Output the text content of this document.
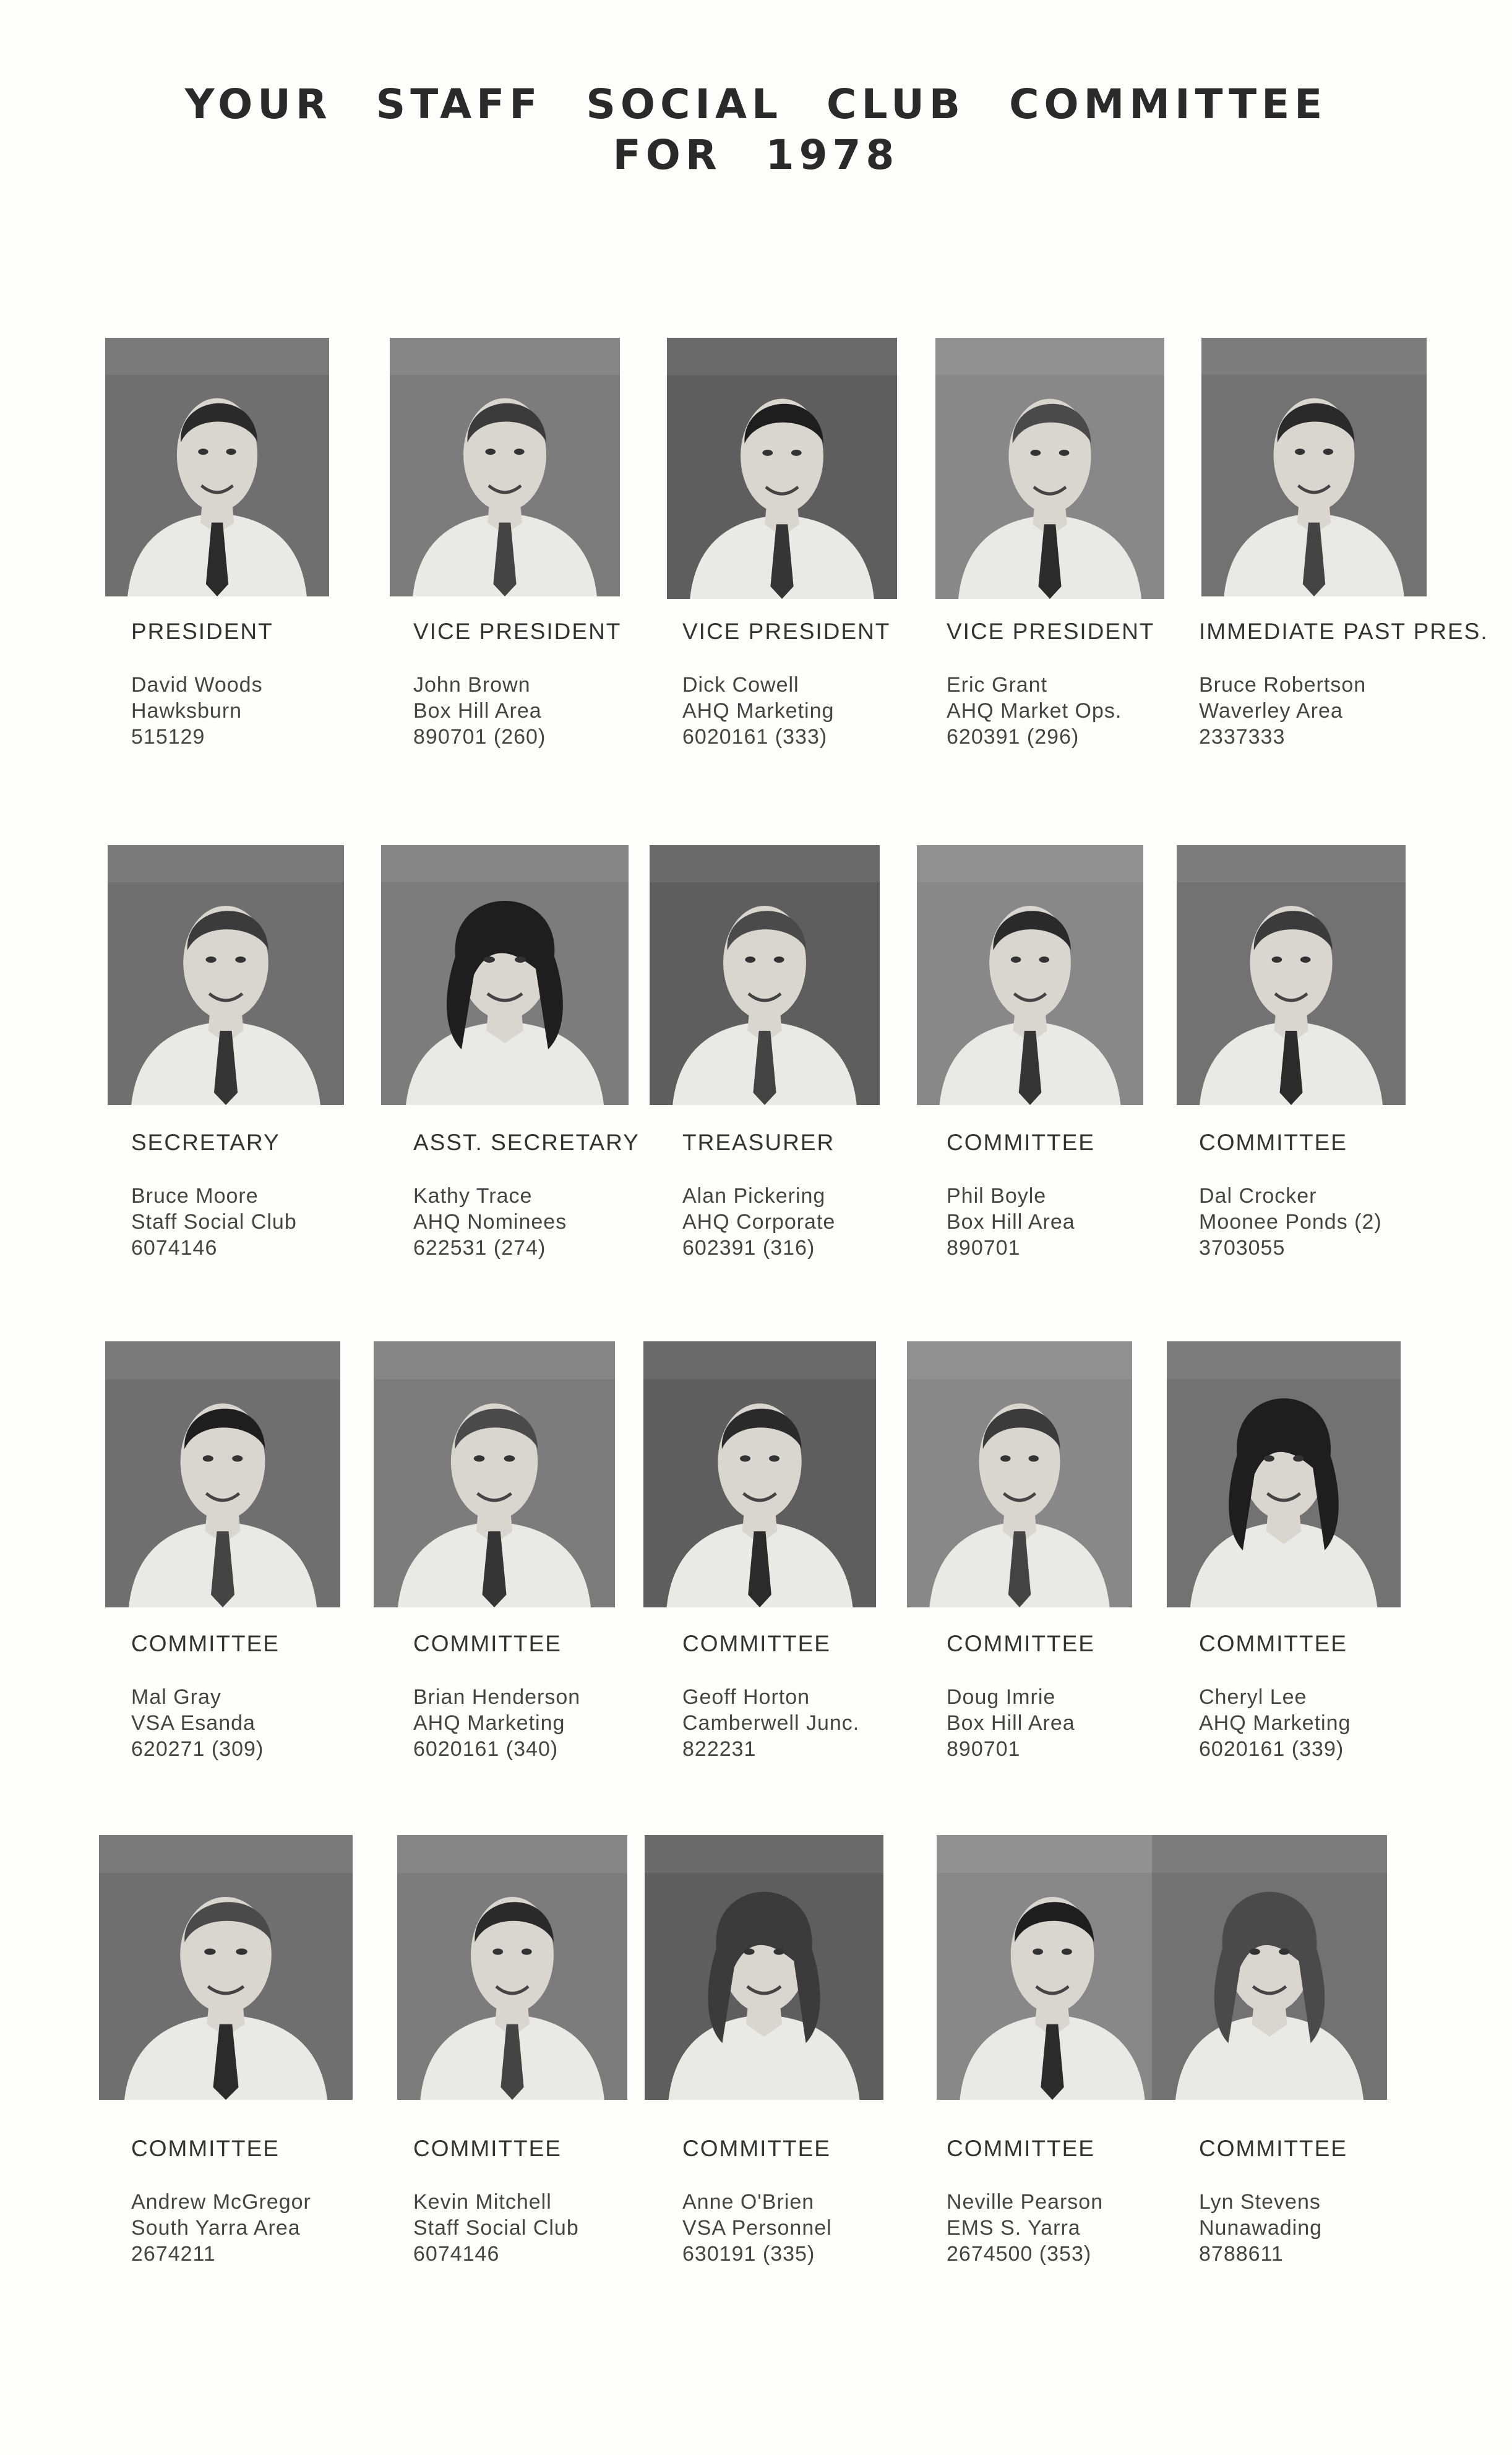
YOUR STAFF SOCIAL CLUB COMMITTEE
FOR 1978
PRESIDENT
David Woods
Hawksburn
515129
VICE PRESIDENT
John Brown
Box Hill Area
890701 (260)
VICE PRESIDENT
Dick Cowell
AHQ Marketing
6020161 (333)
VICE PRESIDENT
Eric Grant
AHQ Market Ops.
620391 (296)
IMMEDIATE PAST PRES.
Bruce Robertson
Waverley Area
2337333
SECRETARY
Bruce Moore
Staff Social Club
6074146
ASST. SECRETARY
Kathy Trace
AHQ Nominees
622531 (274)
TREASURER
Alan Pickering
AHQ Corporate
602391 (316)
COMMITTEE
Phil Boyle
Box Hill Area
890701
COMMITTEE
Dal Crocker
Moonee Ponds (2)
3703055
COMMITTEE
Mal Gray
VSA Esanda
620271 (309)
COMMITTEE
Brian Henderson
AHQ Marketing
6020161 (340)
COMMITTEE
Geoff Horton
Camberwell Junc.
822231
COMMITTEE
Doug Imrie
Box Hill Area
890701
COMMITTEE
Cheryl Lee
AHQ Marketing
6020161 (339)
COMMITTEE
Andrew McGregor
South Yarra Area
2674211
COMMITTEE
Kevin Mitchell
Staff Social Club
6074146
COMMITTEE
Anne O'Brien
VSA Personnel
630191 (335)
COMMITTEE
Neville Pearson
EMS S. Yarra
2674500 (353)
COMMITTEE
Lyn Stevens
Nunawading
8788611
